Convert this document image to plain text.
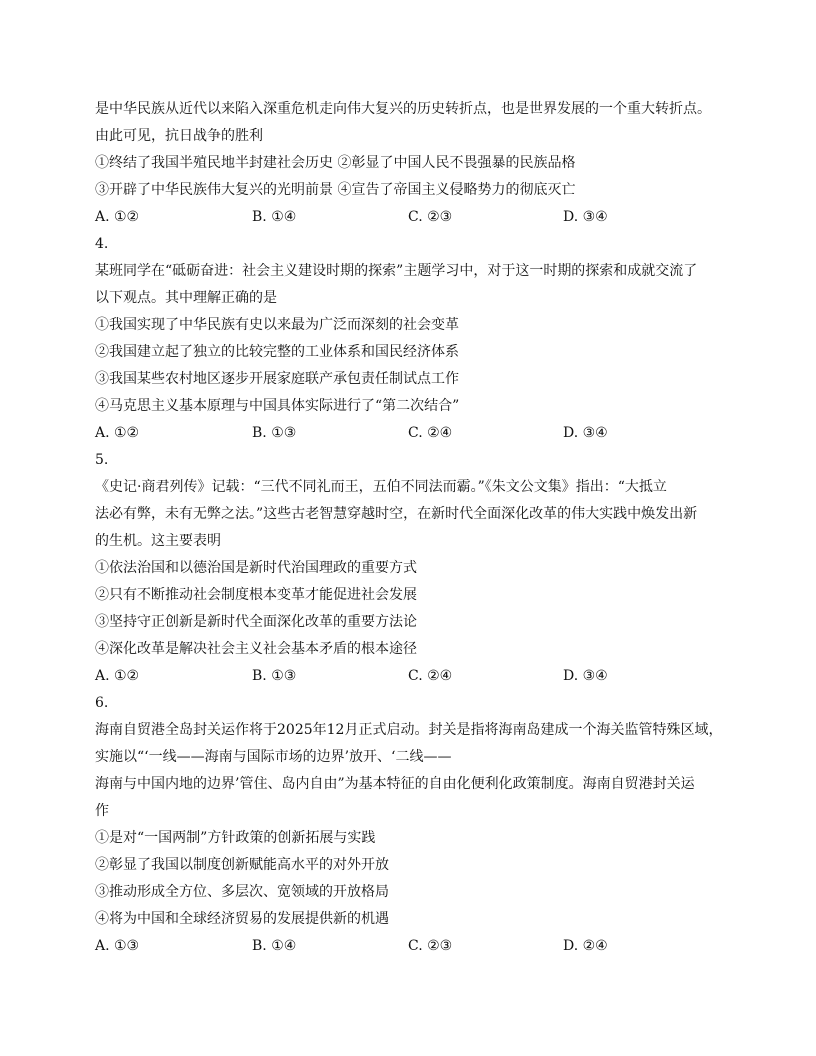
是中华民族从近代以来陷入深重危机走向伟大复兴的历史转折点，也是世界发展的一个重大转折点。
由此可见，抗日战争的胜利
①终结了我国半殖民地半封建社会历史 ②彰显了中国人民不畏强暴的民族品格
③开辟了中华民族伟大复兴的光明前景 ④宣告了帝国主义侵略势力的彻底灭亡
A. ①②	B. ①④	C. ②③	D. ③④
4.
某班同学在“砥砺奋进：社会主义建设时期的探索”主题学习中，对于这一时期的探索和成就交流了
以下观点。其中理解正确的是
①我国实现了中华民族有史以来最为广泛而深刻的社会变革
②我国建立起了独立的比较完整的工业体系和国民经济体系
③我国某些农村地区逐步开展家庭联产承包责任制试点工作
④马克思主义基本原理与中国具体实际进行了“第二次结合”
A. ①②	B. ①③	C. ②④	D. ③④
5.
《史记·商君列传》记载：“三代不同礼而王，五伯不同法而霸。”《朱文公文集》指出：“大抵立
法必有弊，未有无弊之法。”这些古老智慧穿越时空，在新时代全面深化改革的伟大实践中焕发出新
的生机。这主要表明
①依法治国和以德治国是新时代治国理政的重要方式
②只有不断推动社会制度根本变革才能促进社会发展
③坚持守正创新是新时代全面深化改革的重要方法论
④深化改革是解决社会主义社会基本矛盾的根本途径
A. ①②	B. ①③	C. ②④	D. ③④
6.
海南自贸港全岛封关运作将于2025年12月正式启动。封关是指将海南岛建成一个海关监管特殊区域，
实施以“‘一线——海南与国际市场的边界’放开、‘二线——
海南与中国内地的边界’管住、岛内自由”为基本特征的自由化便利化政策制度。海南自贸港封关运
作
①是对“一国两制”方针政策的创新拓展与实践
②彰显了我国以制度创新赋能高水平的对外开放
③推动形成全方位、多层次、宽领域的开放格局
④将为中国和全球经济贸易的发展提供新的机遇
A. ①③	B. ①④	C. ②③	D. ②④
